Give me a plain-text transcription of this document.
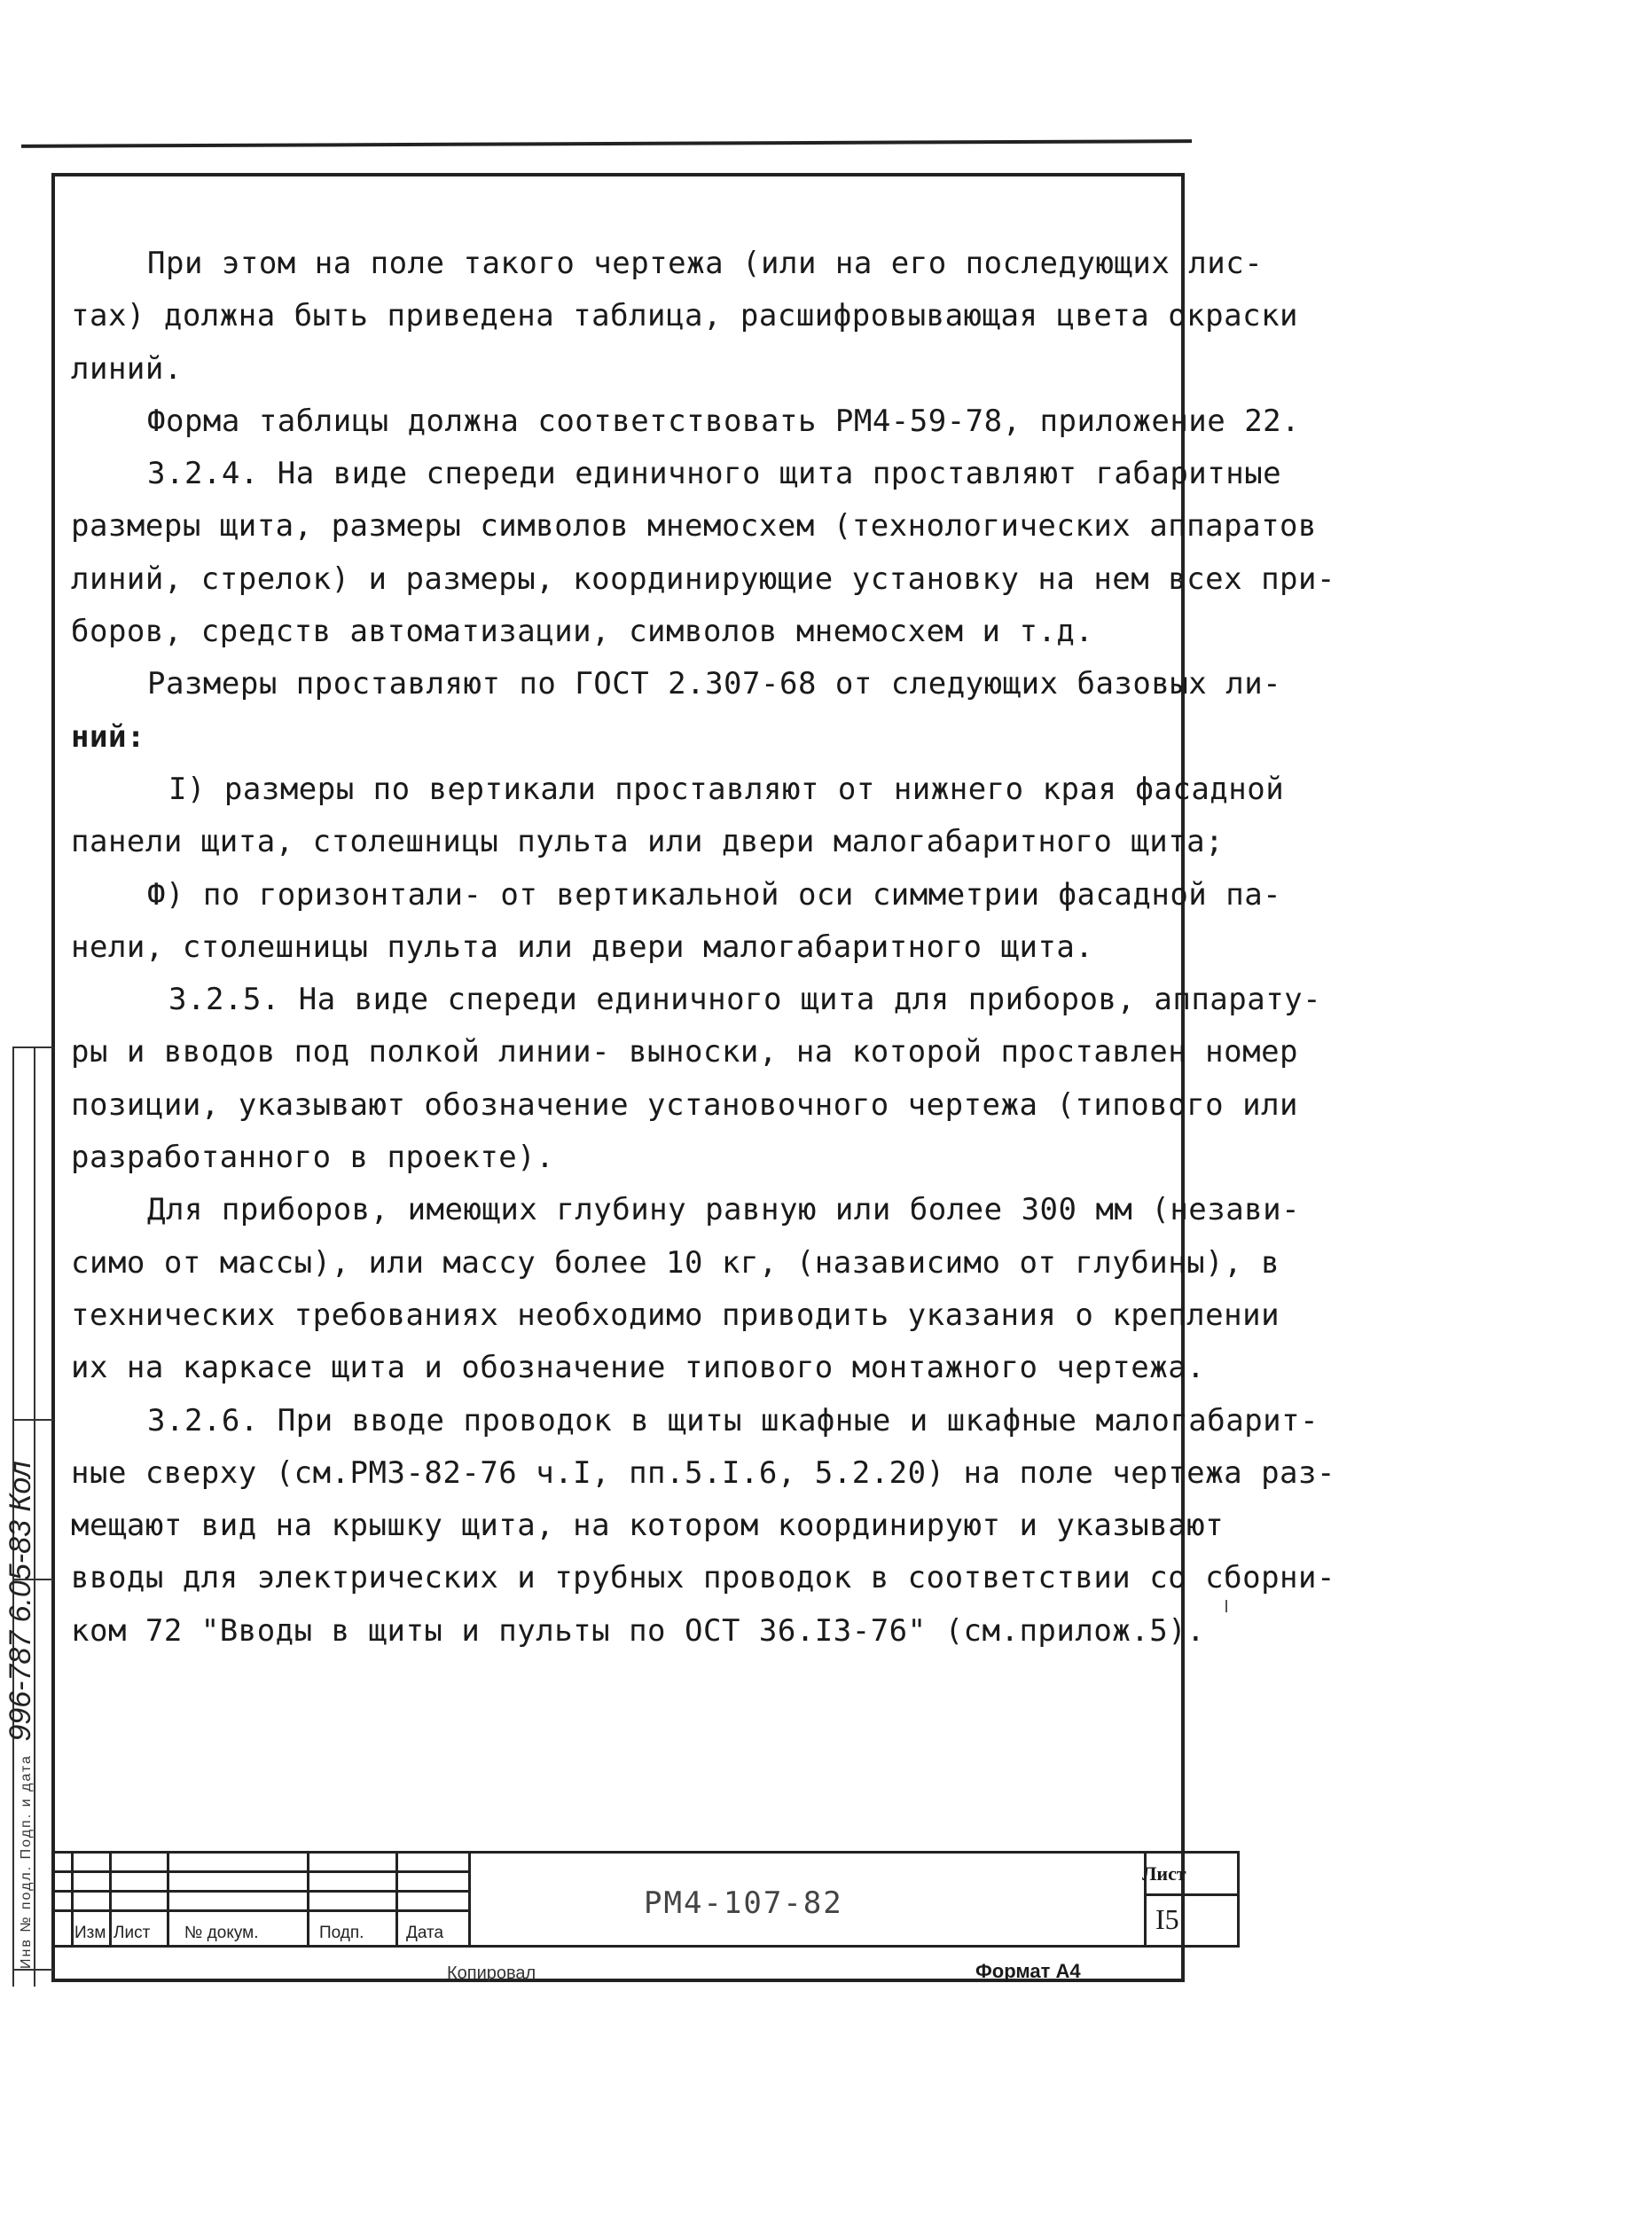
При этом на поле такого чертежа (или на его последующих лис-

тах) должна быть приведена таблица, расшифровывающая цвета окраски

линий.

Форма таблицы должна соответствовать РМ4-59-78, приложение 22.

3.2.4. На виде спереди единичного щита проставляют габаритные

размеры щита, размеры символов мнемосхем (технологических аппаратов

линий, стрелок) и размеры, координирующие установку на нем всех при-

боров, средств автоматизации, символов мнемосхем и т.д.

Размеры проставляют по ГОСТ 2.307-68 от следующих базовых ли-

ний:

I) размеры по вертикали проставляют от нижнего края фасадной

панели щита, столешницы пульта или двери малогабаритного щита;

Ф) по горизонтали- от вертикальной оси симметрии фасадной па-

нели, столешницы пульта или двери малогабаритного щита.

3.2.5. На виде спереди единичного щита для приборов, аппарату-

ры и вводов под полкой линии- выноски, на которой проставлен номер

позиции, указывают обозначение установочного чертежа (типового или

разработанного в проекте).

Для приборов, имеющих глубину равную или более 300 мм (незави-

симо от массы), или массу более 10 кг, (назависимо от глубины), в

технических требованиях необходимо приводить указания о креплении

их на каркасе щита и обозначение типового монтажного чертежа.

3.2.6. При вводе проводок в щиты шкафные и шкафные малогабарит-

ные сверху (см.РМ3-82-76 ч.I, пп.5.I.6, 5.2.20) на поле чертежа раз-

мещают вид на крышку щита, на котором координируют и указывают

вводы для электрических и трубных проводок в соответствии со сборни-

ком 72 "Вводы в щиты и пульты по ОСТ 36.I3-76" (см.прилож.5).

Инв № подл. Подп. и дата 996-787 6.05-83 Кол
Изм Лист № докум.	Подп.	Дата
РМ4-107-82
Лист
I5
Копировал	Формат А4
